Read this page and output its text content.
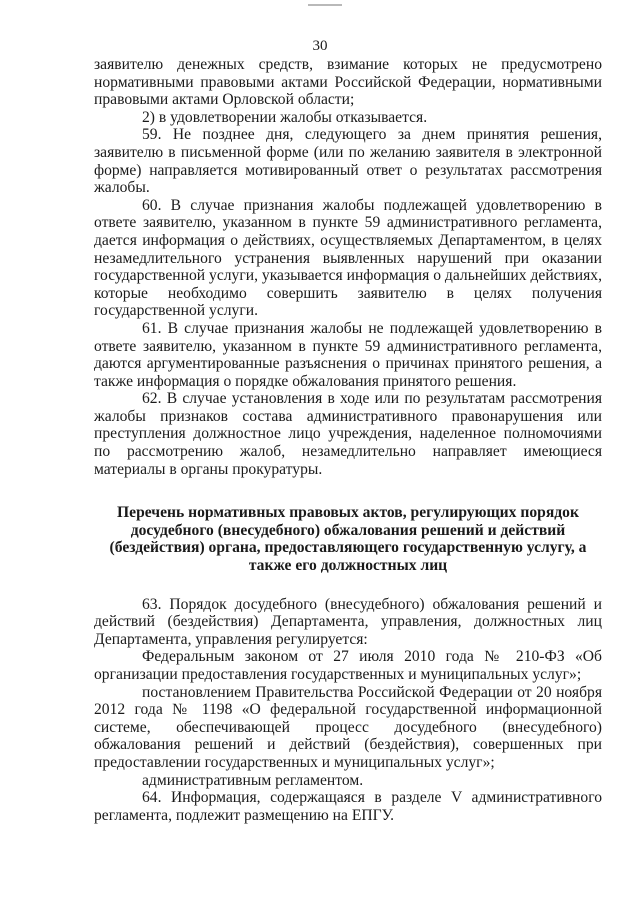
30

заявителю денежных средств, взимание которых не предусмотрено нормативными правовыми актами Российской Федерации, нормативными правовыми актами Орловской области;

2) в удовлетворении жалобы отказывается.

59. Не позднее дня, следующего за днем принятия решения, заявителю в письменной форме (или по желанию заявителя в электронной форме) направляется мотивированный ответ о результатах рассмотрения жалобы.

60. В случае признания жалобы подлежащей удовлетворению в ответе заявителю, указанном в пункте 59 административного регламента, дается информация о действиях, осуществляемых Департаментом, в целях незамедлительного устранения выявленных нарушений при оказании государственной услуги, указывается информация о дальнейших действиях, которые необходимо совершить заявителю в целях получения государственной услуги.

61. В случае признания жалобы не подлежащей удовлетворению в ответе заявителю, указанном в пункте 59 административного регламента, даются аргументированные разъяснения о причинах принятого решения, а также информация о порядке обжалования принятого решения.

62. В случае установления в ходе или по результатам рассмотрения жалобы признаков состава административного правонарушения или преступления должностное лицо учреждения, наделенное полномочиями по рассмотрению жалоб, незамедлительно направляет имеющиеся материалы в органы прокуратуры.

Перечень нормативных правовых актов, регулирующих порядок досудебного (внесудебного) обжалования решений и действий (бездействия) органа, предоставляющего государственную услугу, а также его должностных лиц

63. Порядок досудебного (внесудебного) обжалования решений и действий (бездействия) Департамента, управления, должностных лиц Департамента, управления регулируется:

Федеральным законом от 27 июля 2010 года № 210-ФЗ «Об организации предоставления государственных и муниципальных услуг»;

постановлением Правительства Российской Федерации от 20 ноября 2012 года № 1198 «О федеральной государственной информационной системе, обеспечивающей процесс досудебного (внесудебного) обжалования решений и действий (бездействия), совершенных при предоставлении государственных и муниципальных услуг»;

административным регламентом.

64. Информация, содержащаяся в разделе V административного регламента, подлежит размещению на ЕПГУ.
